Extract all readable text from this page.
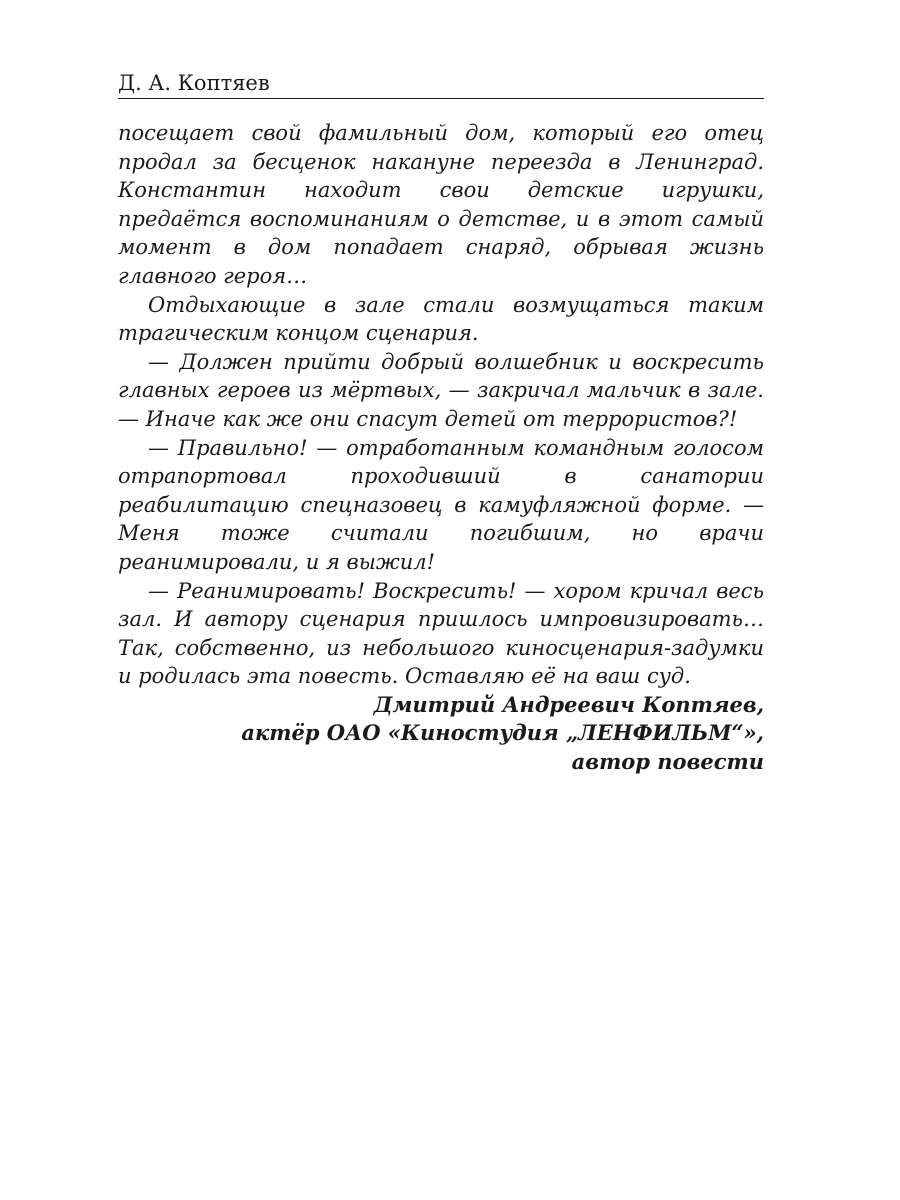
Д. А. Коптяев

посещает свой фамильный дом, который его отец продал за бесценок накануне переезда в Ленинград. Константин находит свои детские игрушки, предаётся воспоминаниям о детстве, и в этот самый момент в дом попадает снаряд, обрывая жизнь главного героя…

Отдыхающие в зале стали возмущаться таким трагическим концом сценария.

— Должен прийти добрый волшебник и воскресить главных героев из мёртвых, — закричал мальчик в зале. — Иначе как же они спасут детей от террористов?!

— Правильно! — отработанным командным голосом отрапортовал проходивший в санатории реабилитацию спецназовец в камуфляжной форме. — Меня тоже считали погибшим, но врачи реанимировали, и я выжил!

— Реанимировать! Воскресить! — хором кричал весь зал. И автору сценария пришлось импровизировать… Так, собственно, из небольшого киносценария-задумки и родилась эта повесть. Оставляю её на ваш суд.

Дмитрий Андреевич Коптяев,
актёр ОАО «Киностудия „ЛЕНФИЛЬМ“»,
автор повести
